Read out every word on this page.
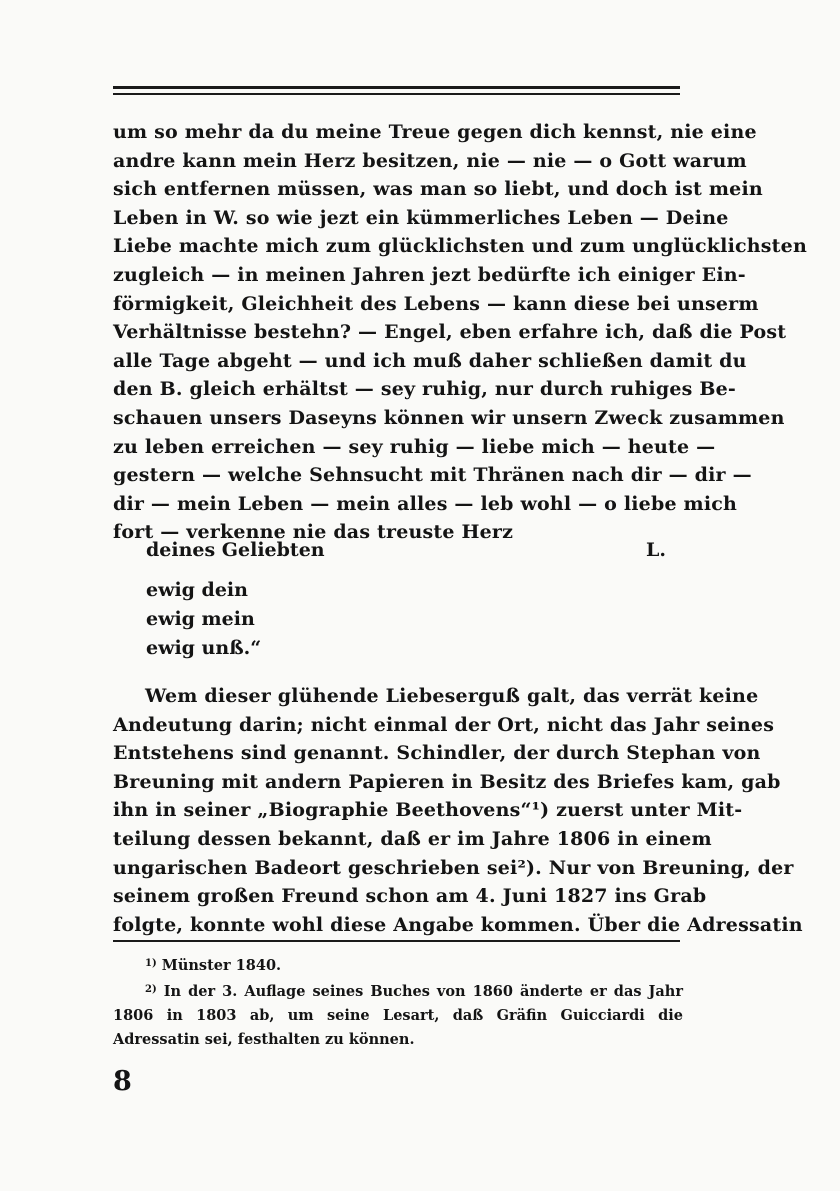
um so mehr da du meine Treue gegen dich kennst, nie eine
andre kann mein Herz besitzen, nie — nie — o Gott warum
sich entfernen müssen, was man so liebt, und doch ist mein
Leben in W. so wie jezt ein kümmerliches Leben — Deine
Liebe machte mich zum glücklichsten und zum unglücklichsten
zugleich — in meinen Jahren jezt bedürfte ich einiger Ein-
förmigkeit, Gleichheit des Lebens — kann diese bei unserm
Verhältnisse bestehn? — Engel, eben erfahre ich, daß die Post
alle Tage abgeht — und ich muß daher schließen damit du
den B. gleich erhältst — sey ruhig, nur durch ruhiges Be-
schauen unsers Daseyns können wir unsern Zweck zusammen
zu leben erreichen — sey ruhig — liebe mich — heute —
gestern — welche Sehnsucht mit Thränen nach dir — dir —
dir — mein Leben — mein alles — leb wohl — o liebe mich
fort — verkenne nie das treuste Herz
deines Geliebten	L.
ewig dein
ewig mein
ewig unß.“
Wem dieser glühende Liebeserguß galt, das verrät keine
Andeutung darin; nicht einmal der Ort, nicht das Jahr seines
Entstehens sind genannt. Schindler, der durch Stephan von
Breuning mit andern Papieren in Besitz des Briefes kam, gab
ihn in seiner „Biographie Beethovens“¹) zuerst unter Mit-
teilung dessen bekannt, daß er im Jahre 1806 in einem
ungarischen Badeort geschrieben sei²). Nur von Breuning, der
seinem großen Freund schon am 4. Juni 1827 ins Grab
folgte, konnte wohl diese Angabe kommen. Über die Adressatin
$^{1)}$ Münster 1840.
$^{2)}$ In der 3. Auflage seines Buches von 1860 änderte er das Jahr 1806 in 1803 ab, um seine Lesart, daß Gräfin Guicciardi die Adressatin sei, festhalten zu können.
8
